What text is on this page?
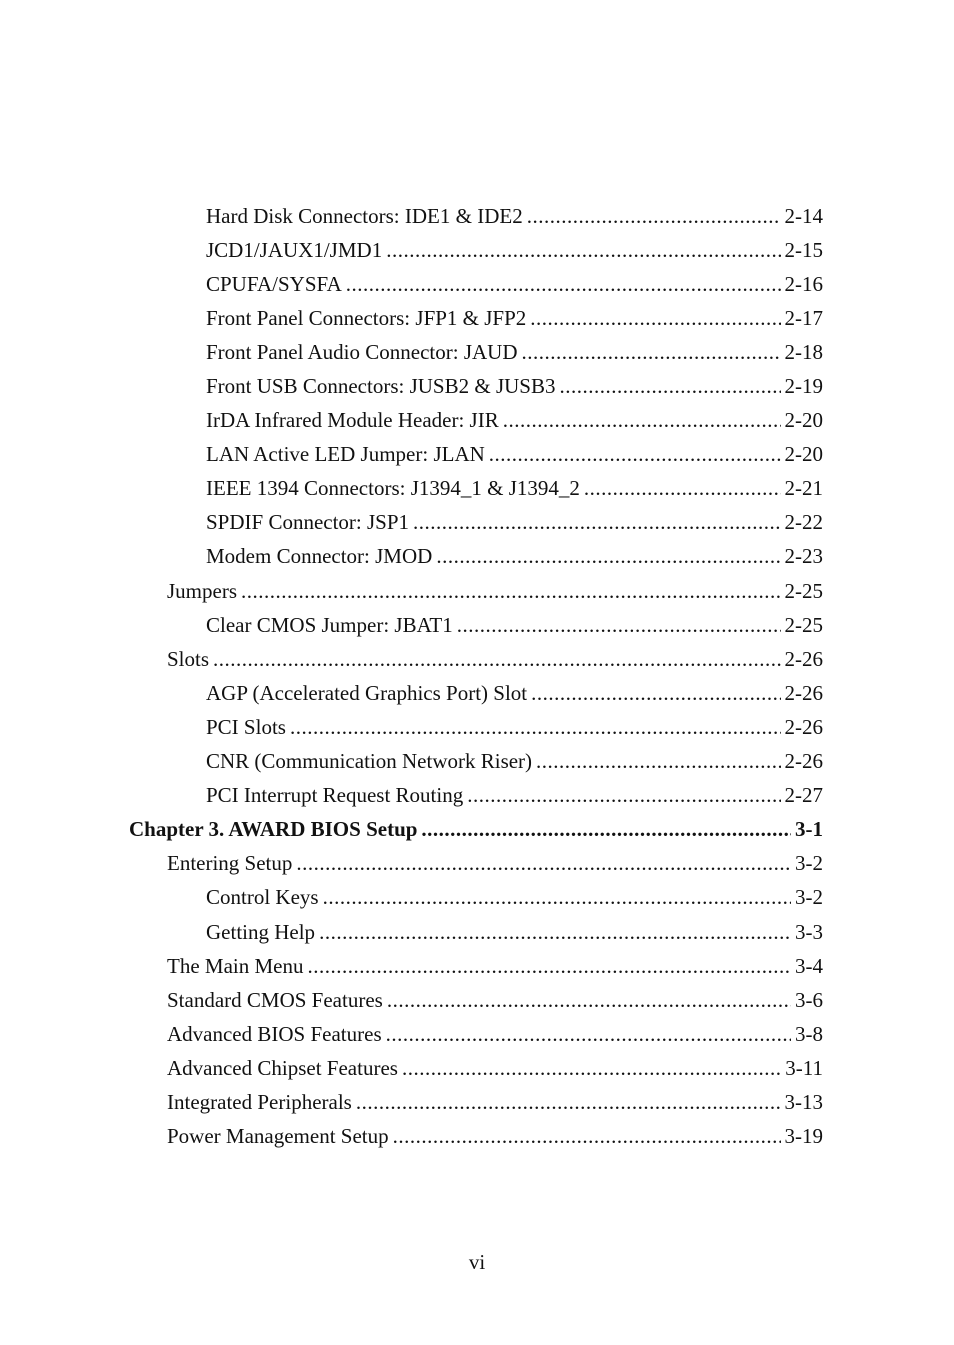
Hard Disk Connectors: IDE1 & IDE2 .....	2-14
JCD1/JAUX1/JMD1 .....	2-15
CPUFA/SYSFA .....	2-16
Front Panel Connectors: JFP1 & JFP2 .....	2-17
Front Panel Audio Connector: JAUD .....	2-18
Front USB Connectors: JUSB2 & JUSB3 .....	2-19
IrDA Infrared Module Header: JIR .....	2-20
LAN Active LED Jumper: JLAN .....	2-20
IEEE 1394 Connectors: J1394_1 & J1394_2 .....	2-21
SPDIF Connector: JSP1 .....	2-22
Modem Connector: JMOD .....	2-23
Jumpers .....	2-25
Clear CMOS Jumper: JBAT1 .....	2-25
Slots .....	2-26
AGP (Accelerated Graphics Port) Slot .....	2-26
PCI Slots .....	2-26
CNR (Communication Network Riser) .....	2-26
PCI Interrupt Request Routing .....	2-27
Chapter 3. AWARD BIOS Setup .....	3-1
Entering Setup .....	3-2
Control Keys .....	3-2
Getting Help .....	3-3
The Main Menu .....	3-4
Standard CMOS Features .....	3-6
Advanced BIOS Features .....	3-8
Advanced Chipset Features .....	3-11
Integrated Peripherals .....	3-13
Power Management Setup .....	3-19
vi
